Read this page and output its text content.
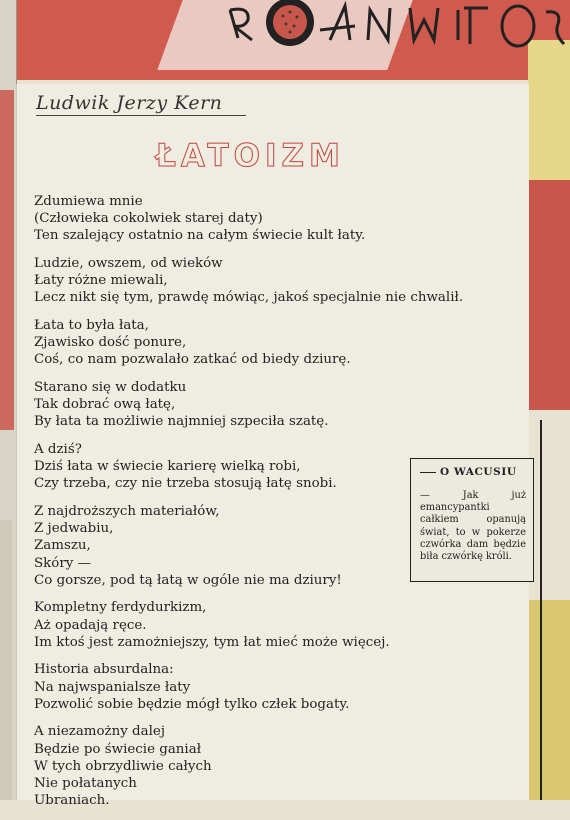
Ludwik Jerzy Kern
ŁATOIZM
Zdumiewa mnie
(Człowieka cokolwiek starej daty)
Ten szalejący ostatnio na całym świecie kult łaty.
Ludzie, owszem, od wieków
Łaty różne miewali,
Lecz nikt się tym, prawdę mówiąc, jakoś specjalnie nie chwalił.
Łata to była łata,
Zjawisko dość ponure,
Coś, co nam pozwalało zatkać od biedy dziurę.
Starano się w dodatku
Tak dobrać ową łatę,
By łata ta możliwie najmniej szpeciła szatę.
A dziś?
Dziś łata w świecie karierę wielką robi,
Czy trzeba, czy nie trzeba stosują łatę snobi.
Z najdroższych materiałów,
Z jedwabiu,
Zamszu,
Skóry —
Co gorsze, pod tą łatą w ogóle nie ma dziury!
Kompletny ferdydurkizm,
Aż opadają ręce.
Im ktoś jest zamożniejszy, tym łat mieć może więcej.
Historia absurdalna:
Na najwspanialsze łaty
Pozwolić sobie będzie mógł tylko człek bogaty.
A niezamożny dalej
Będzie po świecie ganiał
W tych obrzydliwie całych
Nie połatanych
Ubraniach.
O WACUSIU
— Jak już emancypantki całkiem opanują świat, to w pokerze czwórka dam będzie biła czwórkę króli.
